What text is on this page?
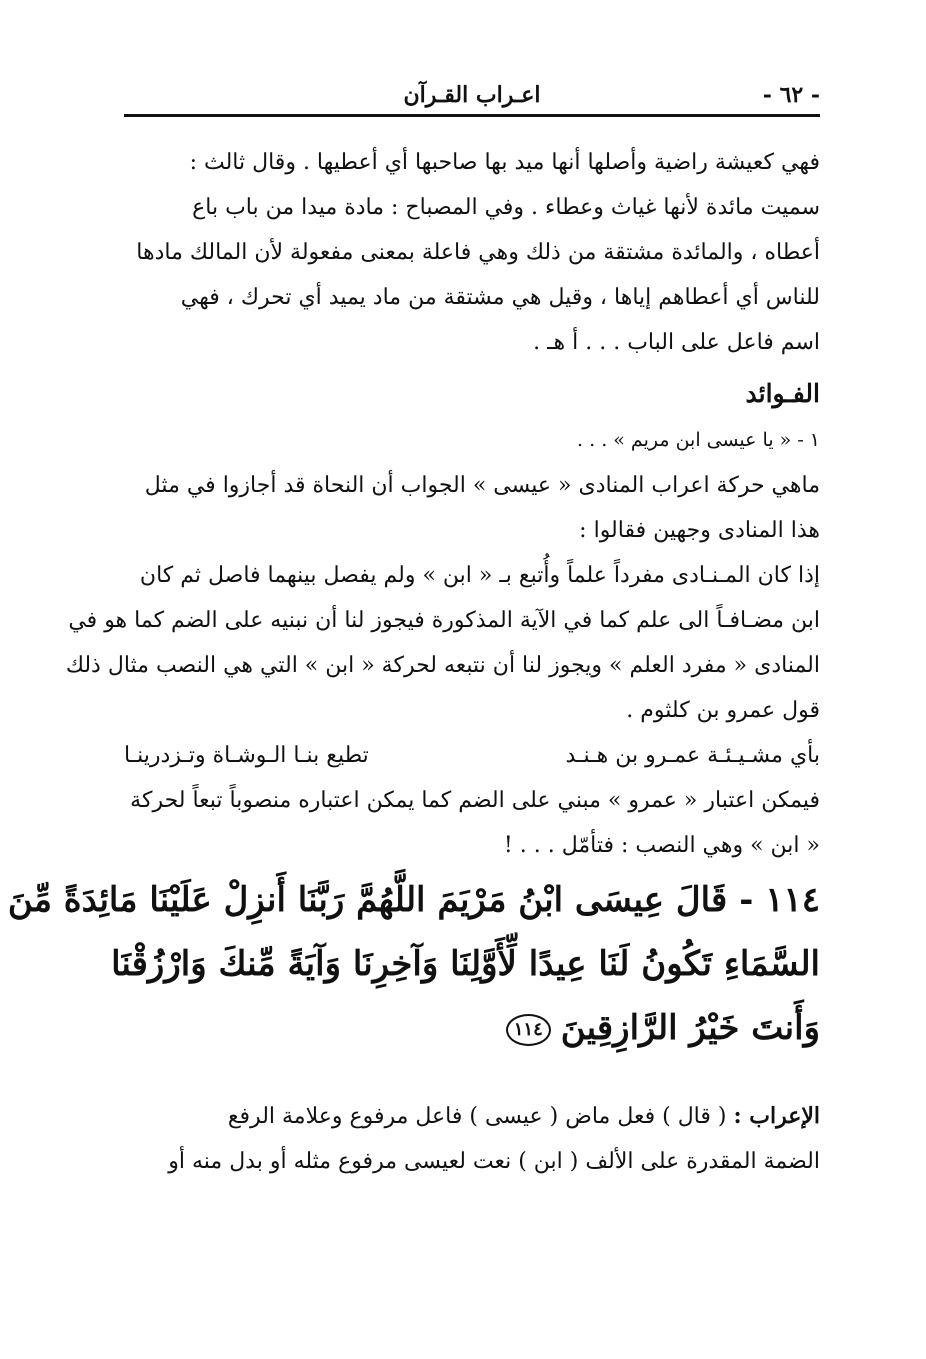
- ٦٢ -
اعـراب القـرآن
فهي كعيشة راضية وأصلها أنها ميد بها صاحبها أي أعطيها . وقال ثالث :
سميت مائدة لأنها غياث وعطاء . وفي المصباح : مادة ميدا من باب باع
أعطاه ، والمائدة مشتقة من ذلك وهي فاعلة بمعنى مفعولة لأن المالك مادها
للناس أي أعطاهم إياها ، وقيل هي مشتقة من ماد يميد أي تحرك ، فهي
اسم فاعل على الباب . . . أ هـ .
الفـوائد
١ - « يا عيسى ابن مريم » . . .
ماهي حركة اعراب المنادى « عيسى » الجواب أن النحاة قد أجازوا في مثل
هذا المنادى وجهين فقالوا :
إذا كان المـنـادى مفرداً علماً وأُتبع بـ « ابن » ولم يفصل بينهما فاصل ثم كان
ابن مضـافـاً الى علم كما في الآية المذكورة فيجوز لنا أن نبنيه على الضم كما هو في
المنادى « مفرد العلم » ويجوز لنا أن نتبعه لحركة « ابن » التي هي النصب مثال ذلك
قول عمرو بن كلثوم .
بأي مشـيـئـة عمـرو بن هـنـد
تطيع بنـا الـوشـاة وتـزدرينـا
فيمكن اعتبار « عمرو » مبني على الضم كما يمكن اعتباره منصوباً تبعاً لحركة
« ابن » وهي النصب : فتأمّل . . . !
١١٤ -قَالَ عِيسَى ابْنُ مَرْيَمَ اللَّهُمَّ رَبَّنَا أَنزِلْ عَلَيْنَا مَائِدَةً مِّنَ
السَّمَاءِ تَكُونُ لَنَا عِيدًا لِّأَوَّلِنَا وَآخِرِنَا وَآيَةً مِّنكَ وَارْزُقْنَا
وَأَنتَ خَيْرُ الرَّازِقِينَ١١٤
الإعراب : ( قال ) فعل ماض ( عيسى ) فاعل مرفوع وعلامة الرفع
الضمة المقدرة على الألف ( ابن ) نعت لعيسى مرفوع مثله أو بدل منه أو
